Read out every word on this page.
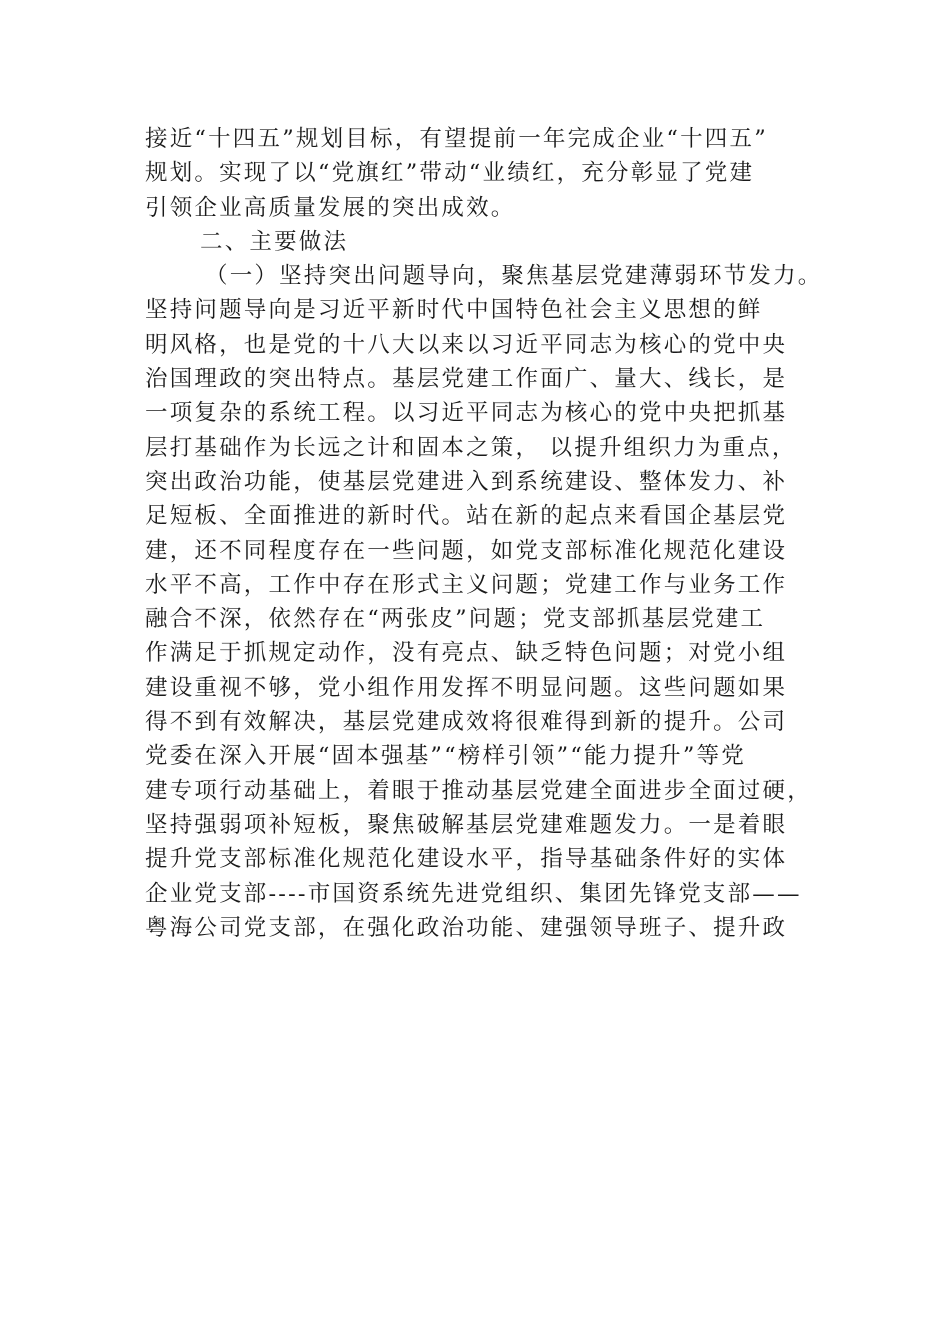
接近“十四五”规划目标，有望提前一年完成企业“十四五”
规划。实现了以“党旗红”带动“业绩红，充分彰显了党建
引领企业高质量发展的突出成效。
二、主要做法
（一）坚持突出问题导向，聚焦基层党建薄弱环节发力。
坚持问题导向是习近平新时代中国特色社会主义思想的鲜
明风格，也是党的十八大以来以习近平同志为核心的党中央
治国理政的突出特点。基层党建工作面广、量大、线长，是
一项复杂的系统工程。以习近平同志为核心的党中央把抓基
层打基础作为长远之计和固本之策， 以提升组织力为重点，
突出政治功能，使基层党建进入到系统建设、整体发力、补
足短板、全面推进的新时代。站在新的起点来看国企基层党
建，还不同程度存在一些问题，如党支部标准化规范化建设
水平不高，工作中存在形式主义问题；党建工作与业务工作
融合不深，依然存在“两张皮”问题；党支部抓基层党建工
作满足于抓规定动作，没有亮点、缺乏特色问题；对党小组
建设重视不够，党小组作用发挥不明显问题。这些问题如果
得不到有效解决，基层党建成效将很难得到新的提升。公司
党委在深入开展“固本强基”“榜样引领”“能力提升”等党
建专项行动基础上，着眼于推动基层党建全面进步全面过硬，
坚持强弱项补短板，聚焦破解基层党建难题发力。一是着眼
提升党支部标准化规范化建设水平，指导基础条件好的实体
企业党支部----市国资系统先进党组织、集团先锋党支部——
粤海公司党支部，在强化政治功能、建强领导班子、提升政
